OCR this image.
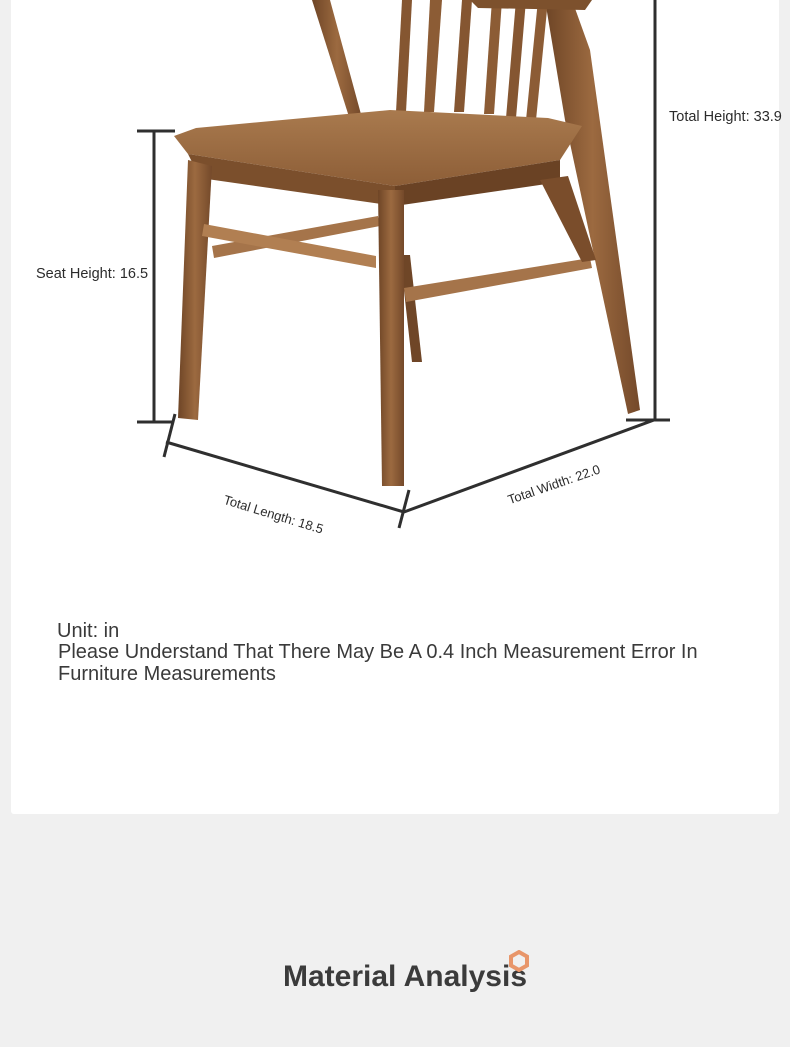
Total Height: 33.9
Seat Height: 16.5
Total Length: 18.5
Total Width: 22.0
Unit: in
Please Understand That There May Be A 0.4 Inch Measurement Error In Furniture Measurements
Material Analysis
